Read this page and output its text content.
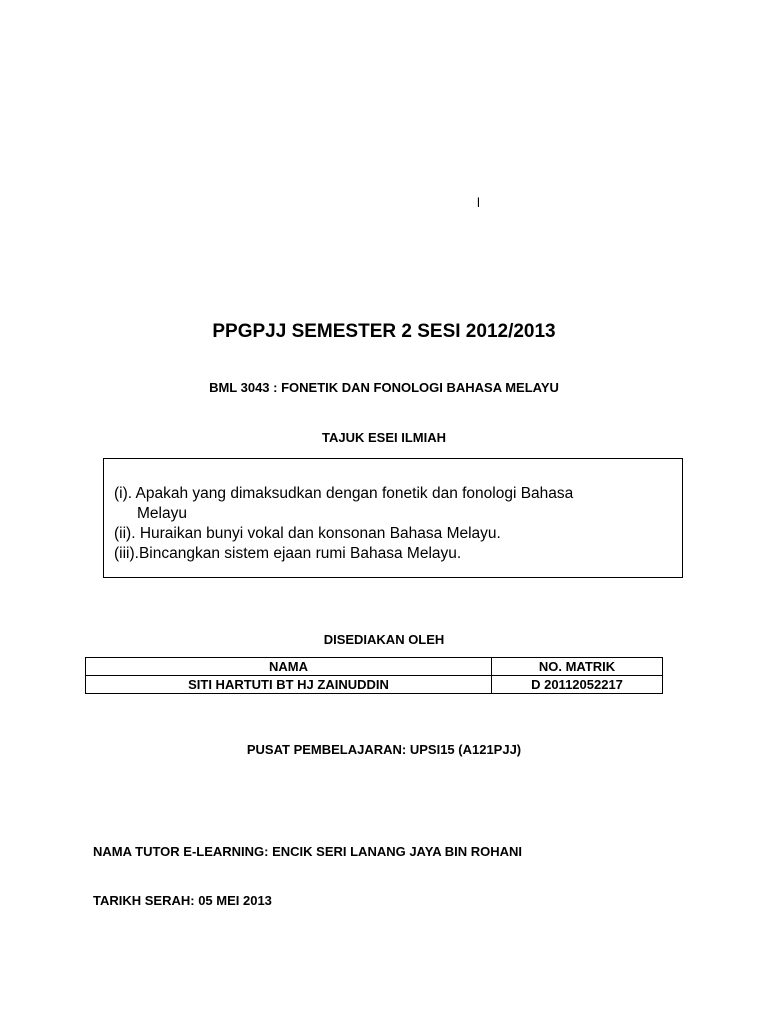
l
PPGPJJ SEMESTER 2 SESI 2012/2013
BML 3043 : FONETIK DAN FONOLOGI BAHASA MELAYU
TAJUK ESEI ILMIAH
(i). Apakah yang dimaksudkan dengan fonetik dan fonologi Bahasa
Melayu
(ii). Huraikan bunyi vokal dan konsonan Bahasa Melayu.
(iii).Bincangkan sistem ejaan rumi Bahasa Melayu.
DISEDIAKAN OLEH
NAMA	NO. MATRIK
SITI HARTUTI BT HJ ZAINUDDIN	D 20112052217
PUSAT PEMBELAJARAN: UPSI15 (A121PJJ)
NAMA TUTOR E-LEARNING: ENCIK SERI LANANG JAYA BIN ROHANI
TARIKH SERAH: 05 MEI 2013
